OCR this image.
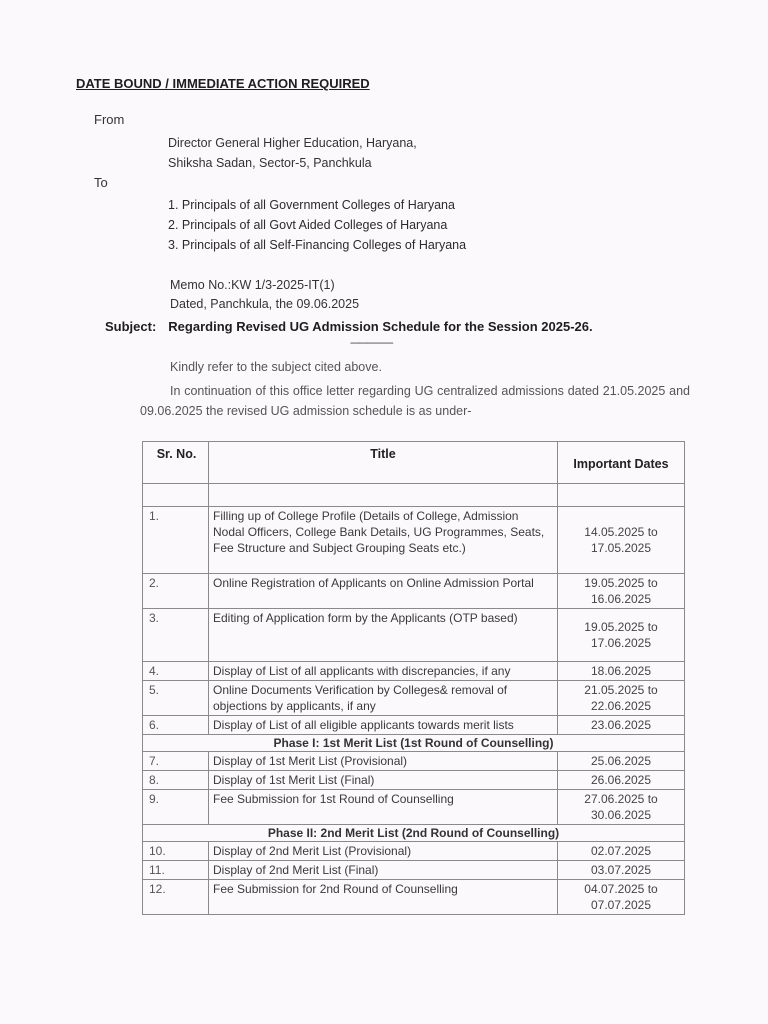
DATE BOUND / IMMEDIATE ACTION REQUIRED
From
Director General Higher Education, Haryana,
Shiksha Sadan, Sector-5, Panchkula
To
1. Principals of all Government Colleges of Haryana
2. Principals of all Govt Aided Colleges of Haryana
3. Principals of all Self-Financing Colleges of Haryana
Memo No.:KW 1/3-2025-IT(1)
Dated, Panchkula, the 09.06.2025
Subject: Regarding Revised UG Admission Schedule for the Session 2025-26.
----------------
Kindly refer to the subject cited above.
In continuation of this office letter regarding UG centralized admissions dated 21.05.2025 and 09.06.2025 the revised UG admission schedule is as under-
Sr. No.	Title	Important Dates

1.	Filling up of College Profile (Details of College, Admission Nodal Officers, College Bank Details, UG Programmes, Seats, Fee Structure and Subject Grouping Seats etc.)	14.05.2025 to 17.05.2025
2.	Online Registration of Applicants on Online Admission Portal	19.05.2025 to 16.06.2025
3.	Editing of Application form by the Applicants (OTP based)	19.05.2025 to 17.06.2025
4.	Display of List of all applicants with discrepancies, if any	18.06.2025
5.	Online Documents Verification by Colleges& removal of objections by applicants, if any	21.05.2025 to 22.06.2025
6.	Display of List of all eligible applicants towards merit lists	23.06.2025
Phase I: 1st Merit List (1st Round of Counselling)		
7.	Display of 1st Merit List (Provisional)	25.06.2025
8.	Display of 1st Merit List (Final)	26.06.2025
9.	Fee Submission for 1st Round of Counselling	27.06.2025 to 30.06.2025
Phase II: 2nd Merit List (2nd Round of Counselling)		
10.	Display of 2nd Merit List (Provisional)	02.07.2025
11.	Display of 2nd Merit List (Final)	03.07.2025
12.	Fee Submission for 2nd Round of Counselling	04.07.2025 to 07.07.2025
